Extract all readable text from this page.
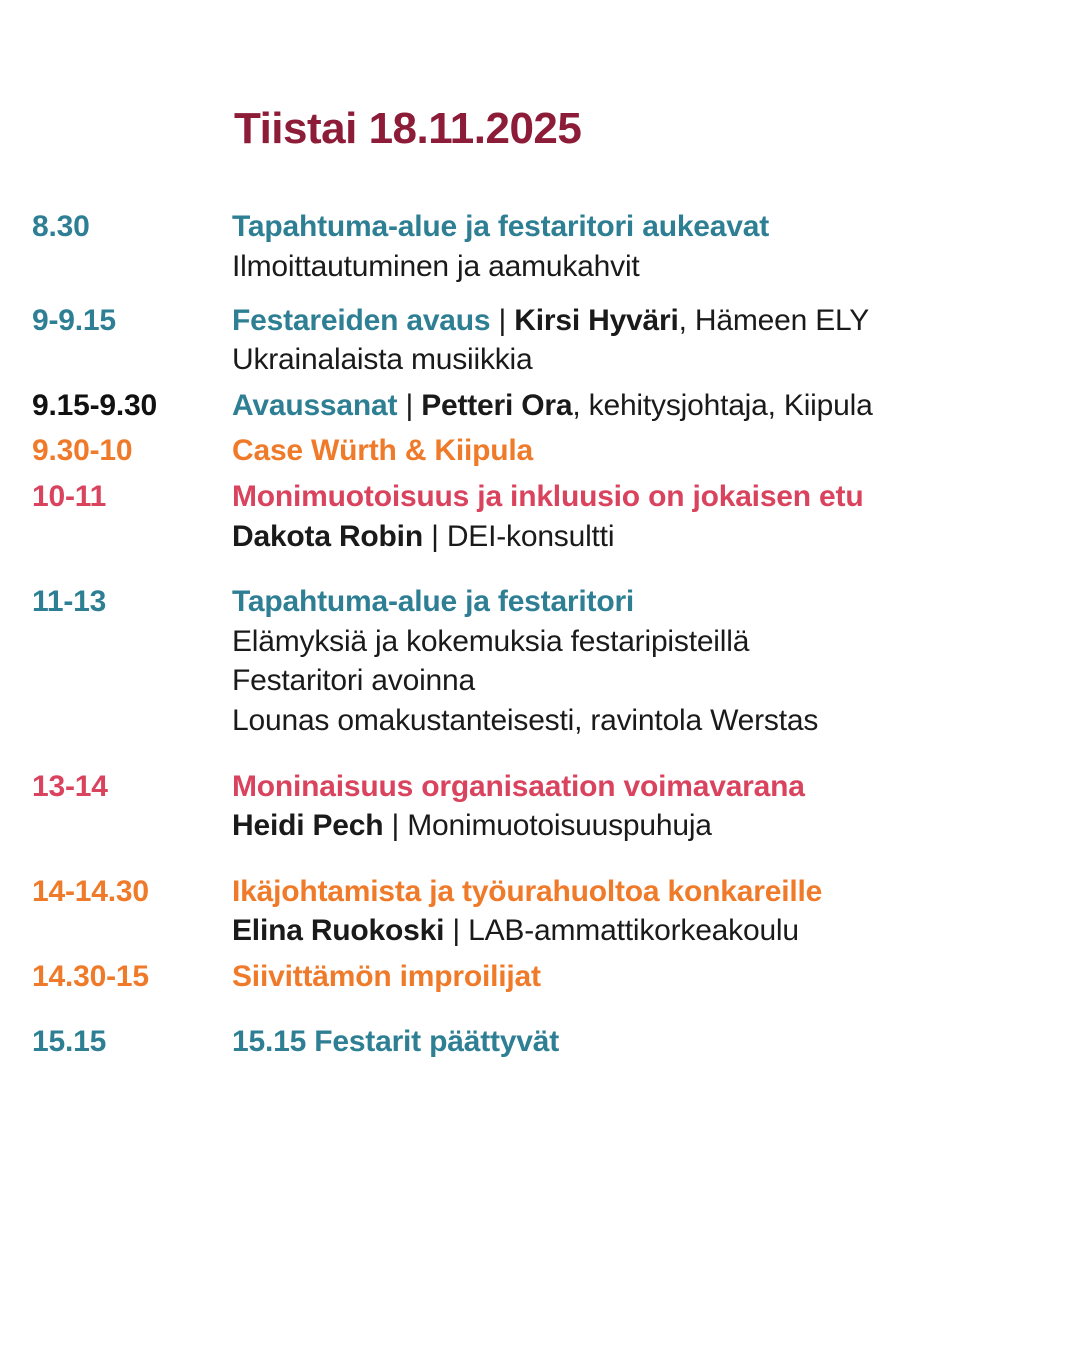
Tiistai 18.11.2025
8.30	Tapahtuma-alue ja festaritori aukeavat
Ilmoittautuminen ja aamukahvit
9-9.15	Festareiden avaus | Kirsi Hyväri, Hämeen ELY
Ukrainalaista musiikkia
9.15-9.30	Avaussanat | Petteri Ora, kehitysjohtaja, Kiipula
9.30-10	Case Würth & Kiipula
10-11	Monimuotoisuus ja inkluusio on jokaisen etu
Dakota Robin | DEI-konsultti
11-13	Tapahtuma-alue ja festaritori
Elämyksiä ja kokemuksia festaripisteillä
Festaritori avoinna
Lounas omakustanteisesti, ravintola Werstas
13-14	Moninaisuus organisaation voimavarana
Heidi Pech | Monimuotoisuuspuhuja
14-14.30	Ikäjohtamista ja työurahuoltoa konkareille
Elina Ruokoski | LAB-ammattikorkeakoulu
14.30-15	Siivittämön improilijat
15.15	15.15 Festarit päättyvät
